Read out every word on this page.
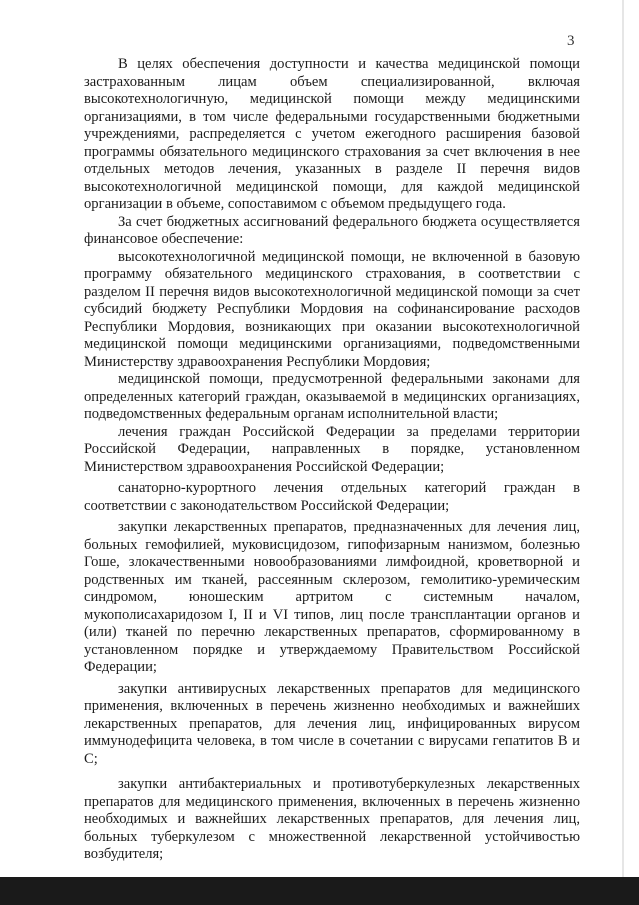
3

В целях обеспечения доступности и качества медицинской помощи застрахованным лицам объем специализированной, включая высокотехнологичную, медицинской помощи между медицинскими организациями, в том числе федеральными государственными бюджетными учреждениями, распределяется с учетом ежегодного расширения базовой программы обязательного медицинского страхования за счет включения в нее отдельных методов лечения, указанных в разделе II перечня видов высокотехнологичной медицинской помощи, для каждой медицинской организации в объеме, сопоставимом с объемом предыдущего года.

За счет бюджетных ассигнований федерального бюджета осуществляется финансовое обеспечение:

высокотехнологичной медицинской помощи, не включенной в базовую программу обязательного медицинского страхования, в соответствии с разделом II перечня видов высокотехнологичной медицинской помощи за счет субсидий бюджету Республики Мордовия на софинансирование расходов Республики Мордовия, возникающих при оказании высокотехнологичной медицинской помощи медицинскими организациями, подведомственными Министерству здравоохранения Республики Мордовия;

медицинской помощи, предусмотренной федеральными законами для определенных категорий граждан, оказываемой в медицинских организациях, подведомственных федеральным органам исполнительной власти;

лечения граждан Российской Федерации за пределами территории Российской Федерации, направленных в порядке, установленном Министерством здравоохранения Российской Федерации;

санаторно-курортного лечения отдельных категорий граждан в соответствии с законодательством Российской Федерации;

закупки лекарственных препаратов, предназначенных для лечения лиц, больных гемофилией, муковисцидозом, гипофизарным нанизмом, болезнью Гоше, злокачественными новообразованиями лимфоидной, кроветворной и родственных им тканей, рассеянным склерозом, гемолитико-уремическим синдромом, юношеским артритом с системным началом, мукополисахаридозом I, II и VI типов, лиц после трансплантации органов и (или) тканей по перечню лекарственных препаратов, сформированному в установленном порядке и утверждаемому Правительством Российской Федерации;

закупки антивирусных лекарственных препаратов для медицинского применения, включенных в перечень жизненно необходимых и важнейших лекарственных препаратов, для лечения лиц, инфицированных вирусом иммунодефицита человека, в том числе в сочетании с вирусами гепатитов В и С;

закупки антибактериальных и противотуберкулезных лекарственных препаратов для медицинского применения, включенных в перечень жизненно необходимых и важнейших лекарственных препаратов, для лечения лиц, больных туберкулезом с множественной лекарственной устойчивостью возбудителя;
